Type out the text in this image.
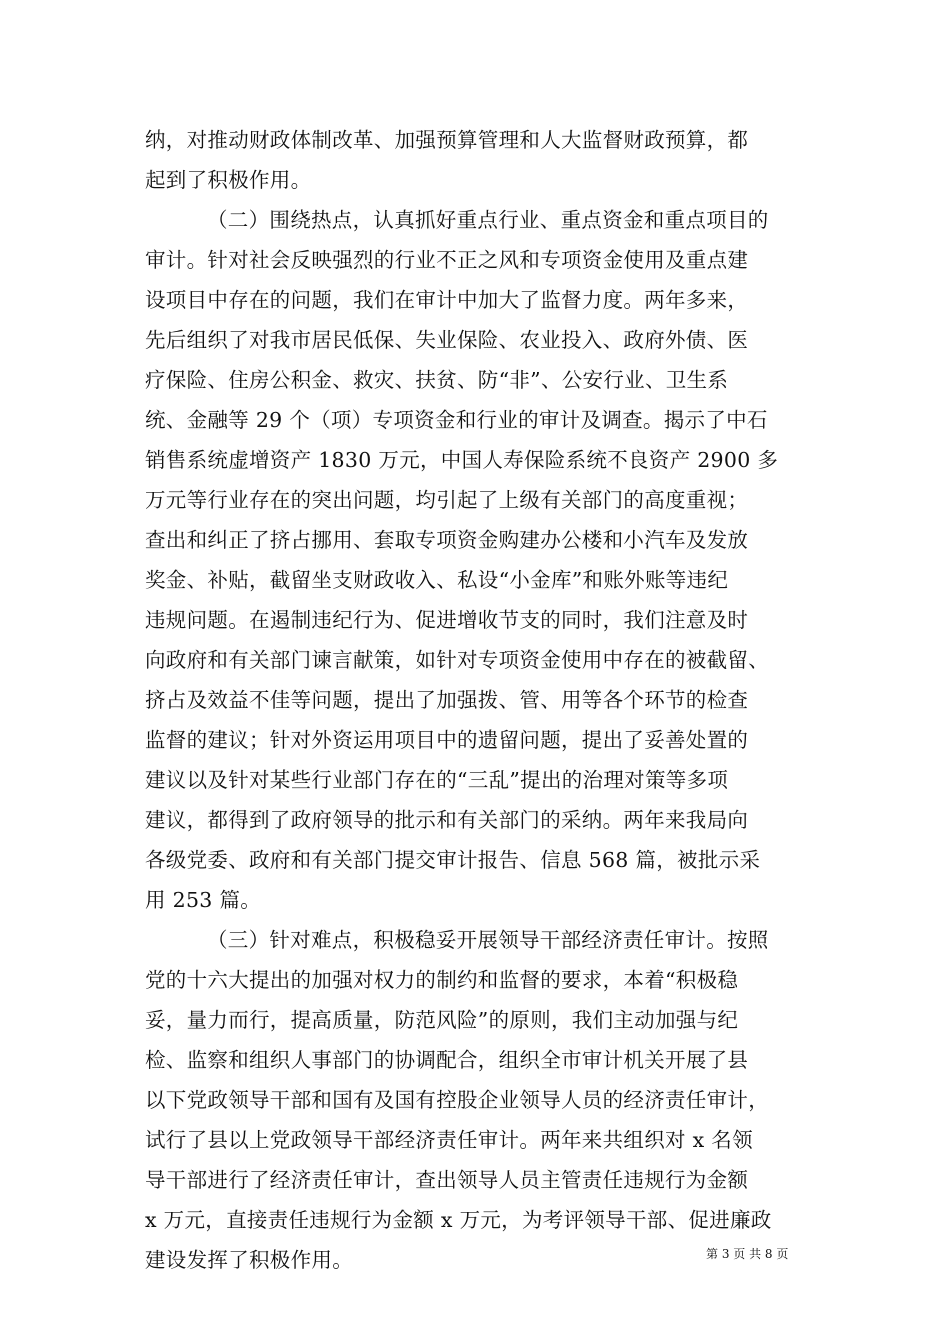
纳，对推动财政体制改革、加强预算管理和人大监督财政预算，都
起到了积极作用。
（二）围绕热点，认真抓好重点行业、重点资金和重点项目的
审计。针对社会反映强烈的行业不正之风和专项资金使用及重点建
设项目中存在的问题，我们在审计中加大了监督力度。两年多来，
先后组织了对我市居民低保、失业保险、农业投入、政府外债、医
疗保险、住房公积金、救灾、扶贫、防“非”、公安行业、卫生系
统、金融等 29 个（项）专项资金和行业的审计及调查。揭示了中石
销售系统虚增资产 1830 万元，中国人寿保险系统不良资产 2900 多
万元等行业存在的突出问题，均引起了上级有关部门的高度重视；
查出和纠正了挤占挪用、套取专项资金购建办公楼和小汽车及发放
奖金、补贴，截留坐支财政收入、私设“小金库”和账外账等违纪
违规问题。在遏制违纪行为、促进增收节支的同时，我们注意及时
向政府和有关部门谏言献策，如针对专项资金使用中存在的被截留、
挤占及效益不佳等问题，提出了加强拨、管、用等各个环节的检查
监督的建议；针对外资运用项目中的遗留问题，提出了妥善处置的
建议以及针对某些行业部门存在的“三乱”提出的治理对策等多项
建议，都得到了政府领导的批示和有关部门的采纳。两年来我局向
各级党委、政府和有关部门提交审计报告、信息 568 篇，被批示采
用 253 篇。
（三）针对难点，积极稳妥开展领导干部经济责任审计。按照
党的十六大提出的加强对权力的制约和监督的要求，本着“积极稳
妥，量力而行，提高质量，防范风险”的原则，我们主动加强与纪
检、监察和组织人事部门的协调配合，组织全市审计机关开展了县
以下党政领导干部和国有及国有控股企业领导人员的经济责任审计，
试行了县以上党政领导干部经济责任审计。两年来共组织对 x 名领
导干部进行了经济责任审计，查出领导人员主管责任违规行为金额
x 万元，直接责任违规行为金额 x 万元，为考评领导干部、促进廉政
建设发挥了积极作用。	第 3 页 共 8 页
